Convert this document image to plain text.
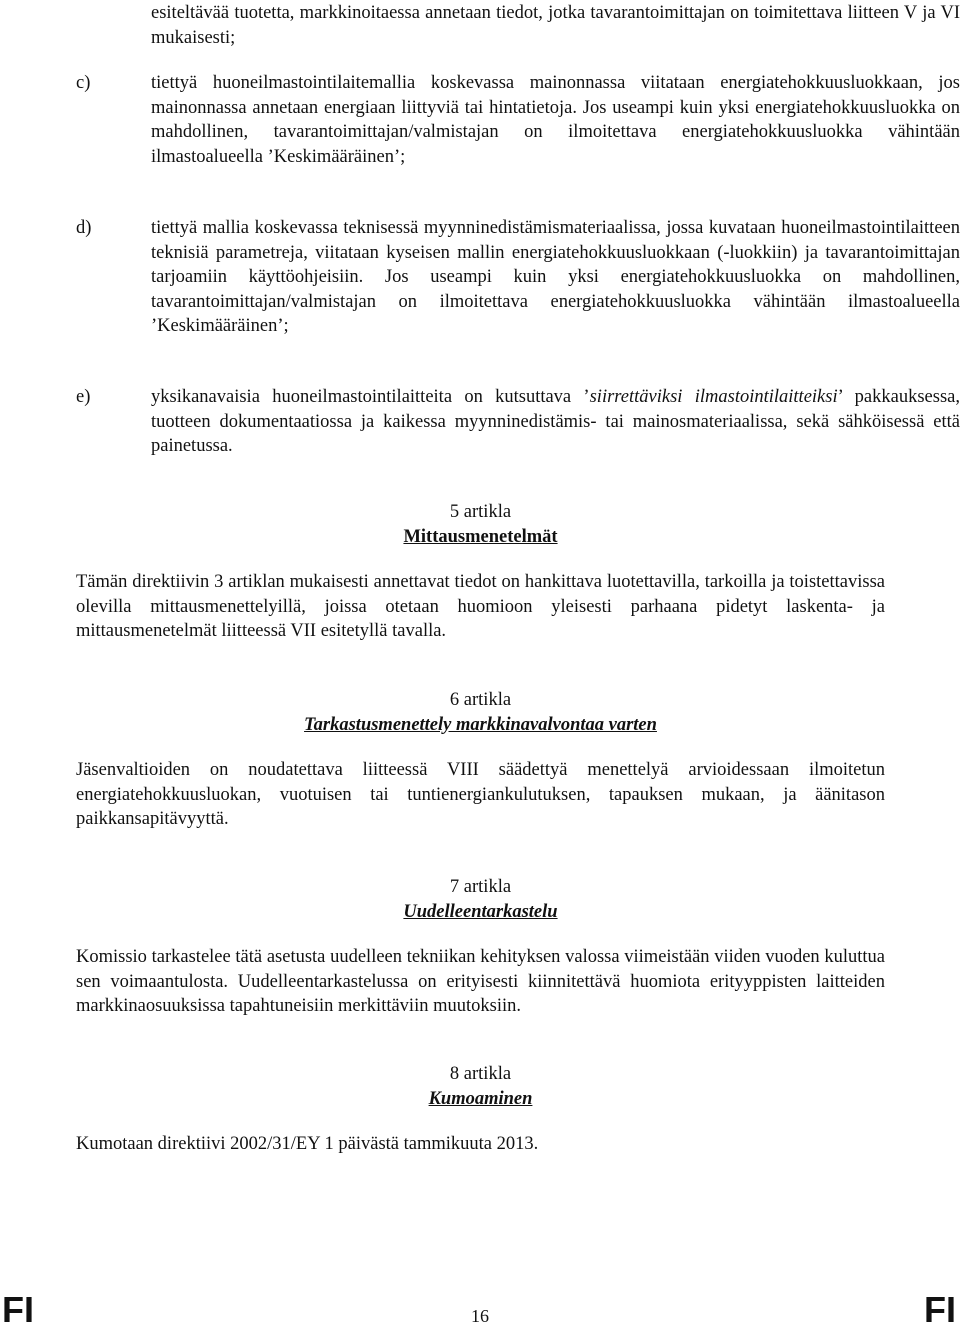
esiteltävää tuotetta, markkinoitaessa annetaan tiedot, jotka tavarantoimittajan on toimitettava liitteen V ja VI mukaisesti;

c)	tiettyä huoneilmastointilaitemallia koskevassa mainonnassa viitataan energiatehokkuusluokkaan, jos mainonnassa annetaan energiaan liittyviä tai hintatietoja. Jos useampi kuin yksi energiatehokkuusluokka on mahdollinen, tavarantoimittajan/valmistajan on ilmoitettava energiatehokkuusluokka vähintään ilmastoalueella ’Keskimääräinen’;

d)	tiettyä mallia koskevassa teknisessä myynninedistämismateriaalissa, jossa kuvataan huoneilmastointilaitteen teknisiä parametreja, viitataan kyseisen mallin energiatehokkuusluokkaan (-luokkiin) ja tavarantoimittajan tarjoamiin käyttöohjeisiin. Jos useampi kuin yksi energiatehokkuusluokka on mahdollinen, tavarantoimittajan/valmistajan on ilmoitettava energiatehokkuusluokka vähintään ilmastoalueella ’Keskimääräinen’;

e)	yksikanavaisia huoneilmastointilaitteita on kutsuttava ’siirrettäviksi ilmastointilaitteiksi’ pakkauksessa, tuotteen dokumentaatiossa ja kaikessa myynninedistämis- tai mainosmateriaalissa, sekä sähköisessä että painetussa.

5 artikla

Mittausmenetelmät

Tämän direktiivin 3 artiklan mukaisesti annettavat tiedot on hankittava luotettavilla, tarkoilla ja toistettavissa olevilla mittausmenettelyillä, joissa otetaan huomioon yleisesti parhaana pidetyt laskenta- ja mittausmenetelmät liitteessä VII esitetyllä tavalla.

6 artikla

Tarkastusmenettely markkinavalvontaa varten

Jäsenvaltioiden on noudatettava liitteessä VIII säädettyä menettelyä arvioidessaan ilmoitetun energiatehokkuusluokan, vuotuisen tai tuntienergiankulutuksen, tapauksen mukaan, ja äänitason paikkansapitävyyttä.

7 artikla

Uudelleentarkastelu

Komissio tarkastelee tätä asetusta uudelleen tekniikan kehityksen valossa viimeistään viiden vuoden kuluttua sen voimaantulosta. Uudelleentarkastelussa on erityisesti kiinnitettävä huomiota erityyppisten laitteiden markkinaosuuksissa tapahtuneisiin merkittäviin muutoksiin.

8 artikla

Kumoaminen

Kumotaan direktiivi 2002/31/EY 1 päivästä tammikuuta 2013.

FI	16	FI
